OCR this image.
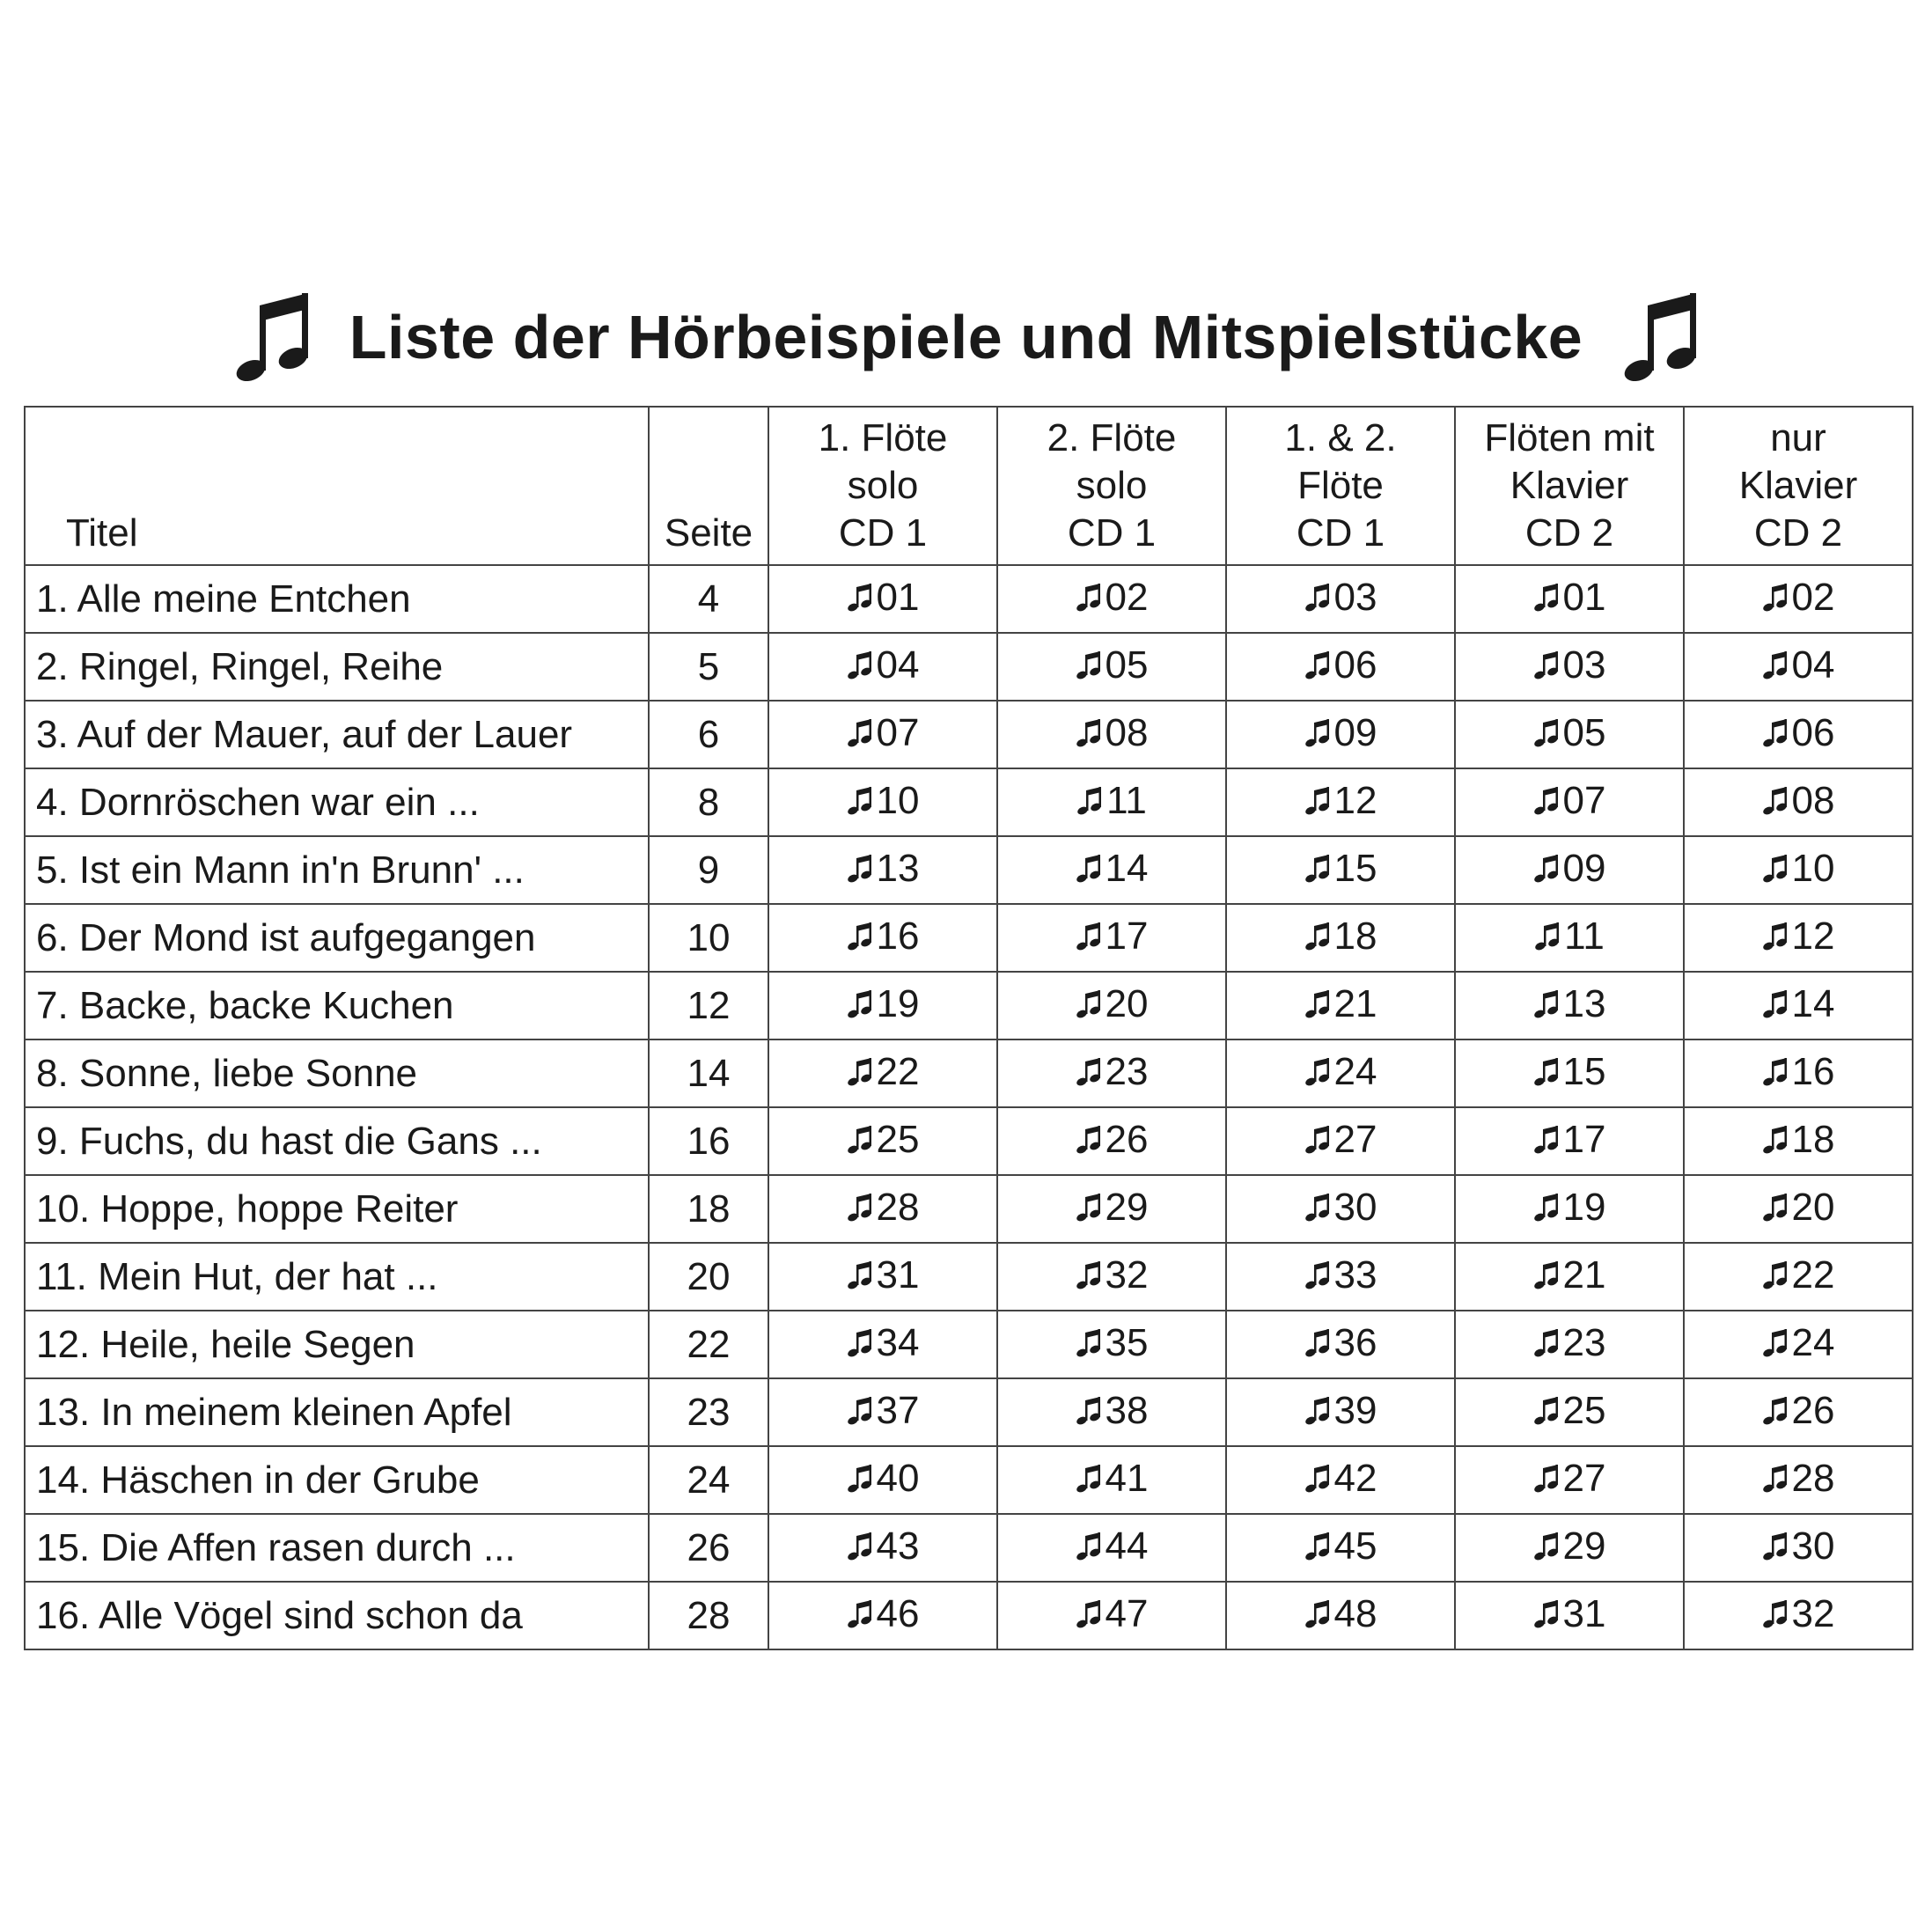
Liste der Hörbeispiele und Mitspielstücke
Titel	Seite	1. Flöte
solo
CD 1	2. Flöte
solo
CD 1	1. & 2.
Flöte
CD 1	Flöten mit
Klavier
CD 2	nur
Klavier
CD 2

1. Alle meine Entchen	4	01	02	03	01	02

2. Ringel, Ringel, Reihe	5	04	05	06	03	04

3. Auf der Mauer, auf der Lauer	6	07	08	09	05	06

4. Dornröschen war ein ...	8	10	11	12	07	08

5. Ist ein Mann in'n Brunn' ...	9	13	14	15	09	10

6. Der Mond ist aufgegangen	10	16	17	18	11	12

7. Backe, backe Kuchen	12	19	20	21	13	14

8. Sonne, liebe Sonne	14	22	23	24	15	16

9. Fuchs, du hast die Gans ...	16	25	26	27	17	18

10. Hoppe, hoppe Reiter	18	28	29	30	19	20

11. Mein Hut, der hat ...	20	31	32	33	21	22

12. Heile, heile Segen	22	34	35	36	23	24

13. In meinem kleinen Apfel	23	37	38	39	25	26

14. Häschen in der Grube	24	40	41	42	27	28

15. Die Affen rasen durch ...	26	43	44	45	29	30

16. Alle Vögel sind schon da	28	46	47	48	31	32
